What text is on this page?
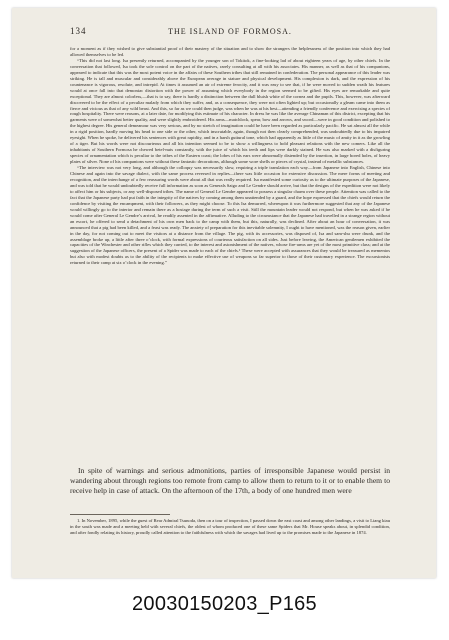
134	THE ISLAND OF FORMOSA.

for a moment as if they wished to give substantial proof of their mastery of the situation and to show the strangers the helplessness of the position into which they had allowed themselves to be led.

“This did not last long. Isa presently returned, accompanied by the younger son of Tokitok, a fine-looking lad of about eighteen years of age, by other chiefs. In the conversation that followed, Isa took the sole control on the part of the natives, rarely consulting at all with his associates. His manner, as well as that of his companions, appeared to indicate that this was the most potent voice in the affairs of these Southern tribes that still remained in confederation. The personal appearance of this leader was striking. He is tall and muscular and considerably above the European average in stature and physical development. His complexion is dark, and the expression of his countenance is vigorous, resolute, and intrepid. At times it assumed an air of extreme ferocity, and it was easy to see that, if he were moved to sudden wrath his features would at once fall into that demoniac distortion with the power of assuming which everybody in the region seemed to be gifted. His eyes are remarkable and quite exceptional. They are almost colorless,—that is to say, there is hardly a distinction between the dull bluish white of the cornea and the pupils. This, however, was afterward discovered to be the effect of a peculiar malady from which they suffer, and, as a consequence, they were not often lighted up; but occasionally a gleam came into them as fierce and vicious as that of any wild beast. And this, so far as we could then judge, was when he was at his best—attending a friendly conference and exercising a species of rough hospitality. There were reasons, at a later date, for modifying this estimate of his character. In dress he was like the average Chinaman of this district, excepting that his garments were of somewhat better quality, and were slightly embroidered. His arms—matchlock, spear, bow and arrows, and sword—were in good condition and polished to the highest degree. His general demeanour was very serious, and by no stretch of imagination could he have been regarded as particularly pacific. He sat almost all the while in a rigid position, hardly moving his head to one side or the other, which inscrutable, again, though not then clearly comprehended, was undoubtedly due to his impaired eyesight. When he spoke, he delivered his sentences with great rapidity, and in a harsh guttural tone, which had apparently as little of the music of amity in it as the growling of a tiger. But his words were not discourteous and all his intention seemed to be to show a willingness to hold pleasant relations with the new comers. Like all the inhabitants of Southern Formosa he chewed betel-nuts constantly, with the juice of which his teeth and lips were darkly stained. He was also marked with a disfiguring species of ornamentation which is peculiar to the tribes of the Eastern coast; the lobes of his ears were abnormally distended by the insertion, in large bored holes, of heavy plates of silver. None of his companions were without these fantastic decorations, although some wore shells or pieces of crystal, instead of metallic substances.

“The interview was not very long, and although the colloquy was necessarily slow, requiring a triple translation each way—from Japanese into English, Chinese into Chinese and again into the savage dialect, with the same process reversed in replies—there was little occasion for extensive discussion. The mere forms of meeting and recognition, and the interchange of a few reassuring words were about all that was really required. Isa manifested some curiosity as to the ultimate purposes of the Japanese, and was told that he would undoubtedly receive full information as soon as Generals Saigo and Le Gendre should arrive, but that the designs of the expedition were not likely to affect him or his subjects, or any well-disposed tribes. The name of General Le Gendre appeared to possess a singular charm over these people. Attention was called to the fact that the Japanese party had put faith in the integrity of the natives by coming among them unattended by a guard, and the hope expressed that the chiefs would return the confidence by visiting the encampment, with their followers, as they might choose. To this Isa demurred, whereupon it was furthermore suggested that any of the Japanese would willingly go to the interior and remain there as a hostage during the term of such a visit. Still the mountain leader would not respond, but when he was asked if he would come after General Le Gendre’s arrival, he readily assented in the affirmative. Alluding to the circumstance that the Japanese had travelled in a strange region without an escort, he offered to send a detachment of his own men back to the camp with them, but this, naturally, was declined. After about an hour of conversation, it was announced that a pig had been killed, and a feast was ready. The anxiety of preparation for this inevitable solemnity, I ought to have mentioned, was the reason given, earlier in the day, for not coming out to meet the visitors at a distance from the village. The pig, with its accessories, was disposed of, Isa and sam-shu were drunk, and the assemblage broke up, a little after three o’clock, with formal expressions of courteous satisfaction on all sides. Just before leaving, the American gentlemen exhibited the capacities of the Winchester and other rifles which they carried, to the interest and astonishment of the natives, whose fire-arms are yet of the most primitive class; and at the suggestion of the Japanese officers, the present of a Spider was made to each of the chiefs.¹ These were accepted with assurances that they would be treasured as mementos but also with modest doubts as to the ability of the recipients to make effective use of weapons so far superior to those of their customary experience. The excursionists returned to their camp at six o’clock in the evening.”

In spite of warnings and serious admonitions, parties of irresponsible Japanese would persist in wandering about through regions too remote from camp to allow them to return to it or to enable them to receive help in case of attack. On the afternoon of the 17th, a body of one hundred men were

1. In November, 1895, while the guest of Rear Admiral Tsunoda, then on a tour of inspection, I passed down the east coast and among other landings, a visit to Liang kiau in the south was made and a meeting held with several chiefs, the oldest of whom produced one of these same Spiders that Mr. House speaks about, in splendid condition, and after fondly relating its history, proudly called attention to the faithfulness with which the savages had lived up to the promises made to the Japanese in 1874.

20030150203_P165
